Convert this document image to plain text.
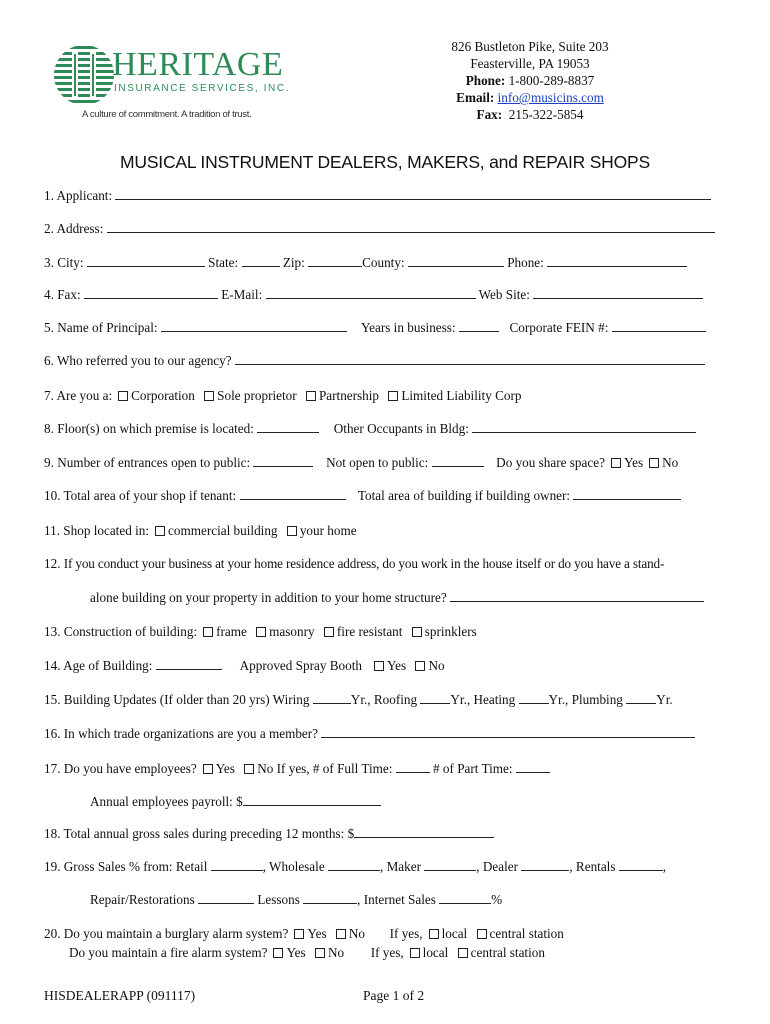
HERITAGE
INSURANCE SERVICES, INC.
A culture of commitment. A tradition of trust.
826 Bustleton Pike, Suite 203
Feasterville, PA 19053
Phone: 1-800-289-8837
Email: info@musicins.com
Fax: 215-322-5854
MUSICAL INSTRUMENT DEALERS, MAKERS, and REPAIR SHOPS
1. Applicant:
2. Address:
3. City:	State:	Zip:	County:	Phone:
4. Fax:	E-Mail:	Web Site:
5. Name of Principal:	Years in business:	Corporate FEIN #:
6. Who referred you to our agency?
7. Are you a: Corporation Sole proprietor Partnership Limited Liability Corp
8. Floor(s) on which premise is located:	Other Occupants in Bldg:
9. Number of entrances open to public:	Not open to public:	Do you share space? Yes No
10. Total area of your shop if tenant:	Total area of building if building owner:
11. Shop located in: commercial building your home
12. If you conduct your business at your home residence address, do you work in the house itself or do you have a stand-
alone building on your property in addition to your home structure?
13. Construction of building: frame masonry fire resistant sprinklers
14. Age of Building:	Approved Spray Booth Yes No
15. Building Updates (If older than 20 yrs) Wiring	Yr., Roofing	Yr., Heating	Yr., Plumbing	Yr.
16. In which trade organizations are you a member?
17. Do you have employees? Yes No If yes, # of Full Time:	# of Part Time:
Annual employees payroll: $
18. Total annual gross sales during preceding 12 months: $
19. Gross Sales % from: Retail	, Wholesale	, Maker	, Dealer	, Rentals	,
Repair/Restorations	Lessons	, Internet Sales	%
20. Do you maintain a burglary alarm system? Yes No If yes, local central station
Do you maintain a fire alarm system? Yes No If yes, local central station
HISDEALERAPP (091117)	Page 1 of 2
